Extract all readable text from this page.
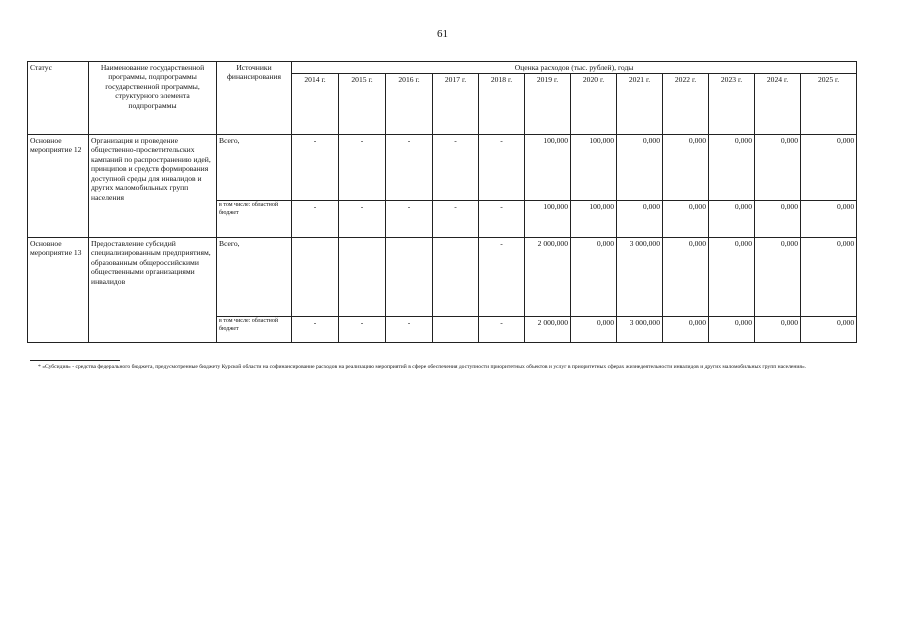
61
Статус	Наименование государственной программы, подпрограммы государственной программы, структурного элемента подпрограммы	Источники финансирования	Оценка расходов (тыс. рублей), годы											
			2014 г.	2015 г.	2016 г.	2017 г.	2018 г.	2019 г.	2020 г.	2021 г.	2022 г.	2023 г.	2024 г.	2025 г.
Основное мероприятие 12	Организация и проведение общественно-просветительских кампаний по распространению идей, принципов и средств формирования доступной среды для инвалидов и других маломобильных групп населения	Всего,	-	-	-	-	-	100,000	100,000	0,000	0,000	0,000	0,000	0,000
		в том числе: областной бюджет	-	-	-	-	-	100,000	100,000	0,000	0,000	0,000	0,000	0,000
Основное мероприятие 13	Предоставление субсидий специализированным предприятиям, образованным общероссийскими общественными организациями инвалидов	Всего,					-	2 000,000	0,000	3 000,000	0,000	0,000	0,000	0,000
		в том числе: областной бюджет	-	-	-		-	2 000,000	0,000	3 000,000	0,000	0,000	0,000	0,000

* «Субсидия» - средства федерального бюджета, предусмотренные бюджету Курской области на софинансирование расходов на реализацию мероприятий в сфере обеспечения доступности приоритетных объектов и услуг в приоритетных сферах жизнедеятельности инвалидов и других маломобильных групп населения».
